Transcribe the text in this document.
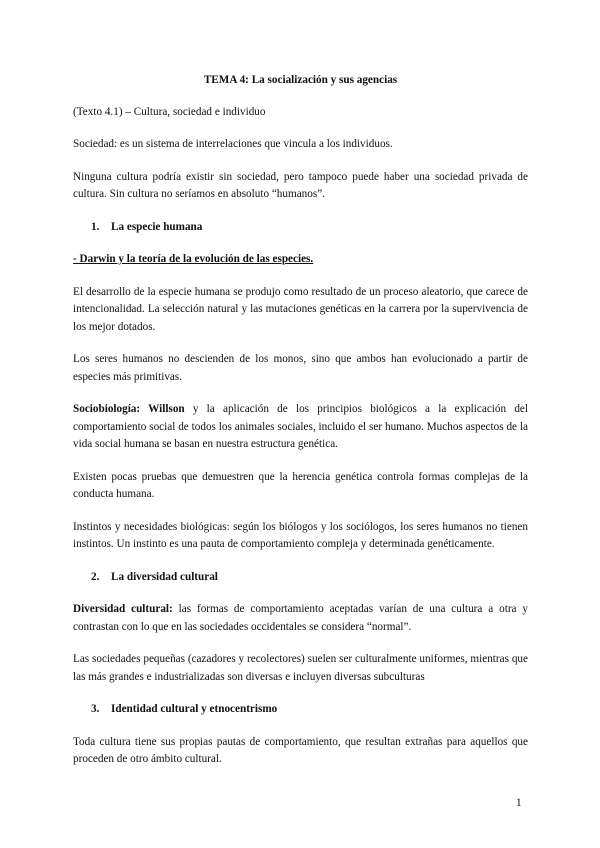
TEMA 4: La socialización y sus agencias

(Texto 4.1) – Cultura, sociedad e individuo

Sociedad: es un sistema de interrelaciones que vincula a los individuos.

Ninguna cultura podría existir sin sociedad, pero tampoco puede haber una sociedad privada de cultura. Sin cultura no seríamos en absoluto “humanos”.

1. La especie humana

- Darwin y la teoría de la evolución de las especies.

El desarrollo de la especie humana se produjo como resultado de un proceso aleatorio, que carece de intencionalidad. La selección natural y las mutaciones genéticas en la carrera por la supervivencia de los mejor dotados.

Los seres humanos no descienden de los monos, sino que ambos han evolucionado a partir de especies más primitivas.

Sociobiología: Willson y la aplicación de los principios biológicos a la explicación del comportamiento social de todos los animales sociales, incluido el ser humano. Muchos aspectos de la vida social humana se basan en nuestra estructura genética.

Existen pocas pruebas que demuestren que la herencia genética controla formas complejas de la conducta humana.

Instintos y necesidades biológicas: según los biólogos y los sociólogos, los seres humanos no tienen instintos. Un instinto es una pauta de comportamiento compleja y determinada genéticamente.

2. La diversidad cultural

Diversidad cultural: las formas de comportamiento aceptadas varían de una cultura a otra y contrastan con lo que en las sociedades occidentales se considera “normal”.

Las sociedades pequeñas (cazadores y recolectores) suelen ser culturalmente uniformes, mientras que las más grandes e industrializadas son diversas e incluyen diversas subculturas

3. Identidad cultural y etnocentrismo

Toda cultura tiene sus propias pautas de comportamiento, que resultan extrañas para aquellos que proceden de otro ámbito cultural.

1
